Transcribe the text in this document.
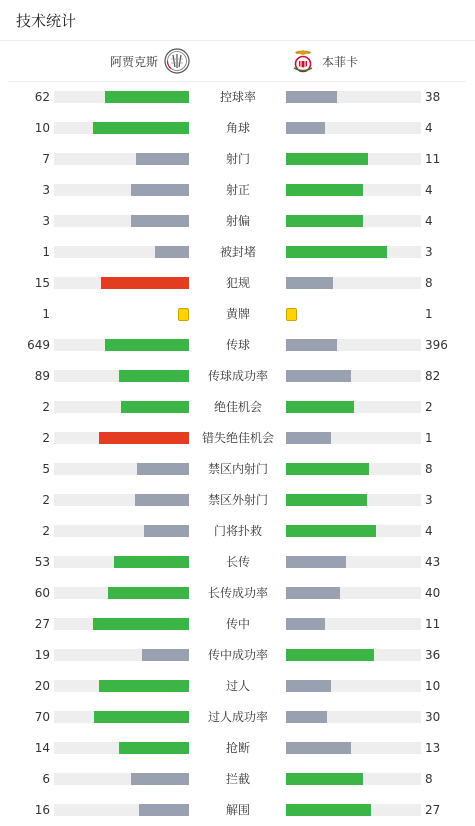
技术统计
阿贾克斯	本菲卡
62	控球率	38
10	角球	4
7	射门	11
3	射正	4
3	射偏	4
1	被封堵	3
15	犯规	8
1	黄牌	1
649	传球	396
89	传球成功率	82
2	绝佳机会	2
2	错失绝佳机会	1
5	禁区内射门	8
2	禁区外射门	3
2	门将扑救	4
53	长传	43
60	长传成功率	40
27	传中	11
19	传中成功率	36
20	过人	10
70	过人成功率	30
14	抢断	13
6	拦截	8
16	解围	27
